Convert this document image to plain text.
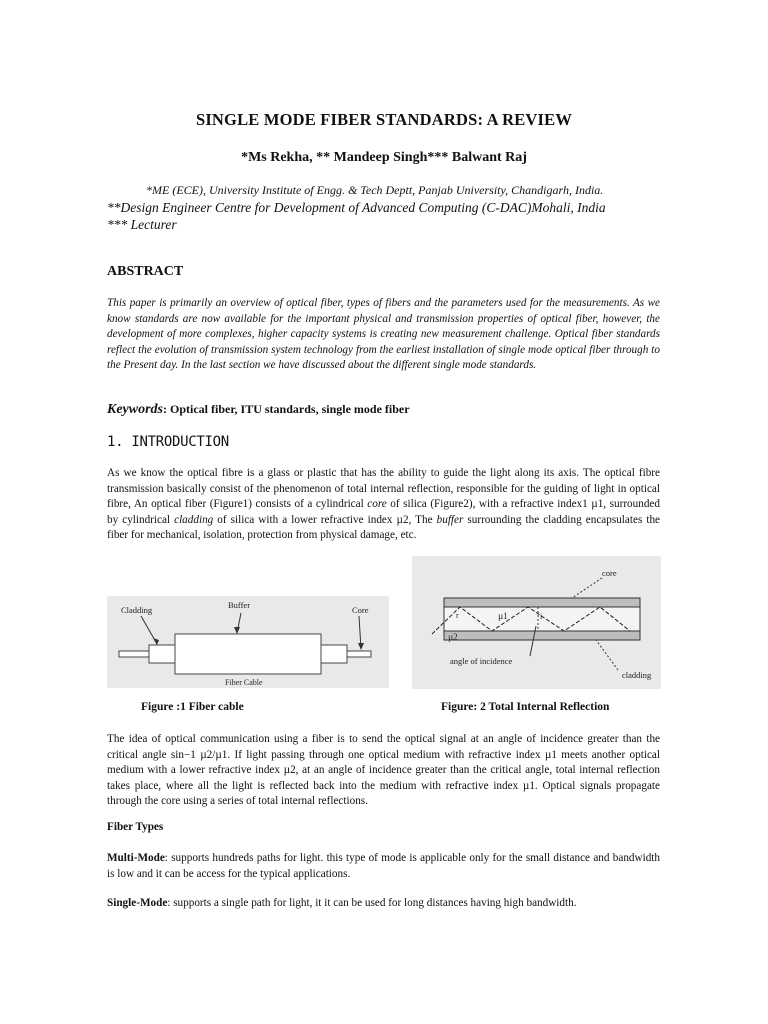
SINGLE MODE FIBER STANDARDS: A REVIEW
*Ms Rekha, ** Mandeep Singh*** Balwant Raj
*ME (ECE), University Institute of Engg. & Tech Deptt, Panjab University, Chandigarh, India.
**Design Engineer Centre for Development of Advanced Computing (C-DAC)Mohali, India
*** Lecturer
ABSTRACT
This paper is primarily an overview of optical fiber, types of fibers and the parameters used for the measurements. As we know standards are now available for the important physical and transmission properties of optical fiber, however, the development of more complexes, higher capacity systems is creating new measurement challenge. Optical fiber standards reflect the evolution of transmission system technology from the earliest installation of single mode optical fiber through to the Present day. In the last section we have discussed about the different single mode standards.
Keywords: Optical fiber, ITU standards, single mode fiber
1. INTRODUCTION
As we know the optical fibre is a glass or plastic that has the ability to guide the light along its axis. The optical fibre transmission basically consist of the phenomenon of total internal reflection, responsible for the guiding of light in optical fibre, An optical fiber (Figure1) consists of a cylindrical core of silica (Figure2), with a refractive index1 µ1, surrounded by cylindrical cladding of silica with a lower refractive index µ2, The buffer surrounding the cladding encapsulates the fiber for mechanical, isolation, protection from physical damage, etc.
Cladding	Buffer	Core
Fiber Cable
core
µ1
µ2
r	i
angle of incidence
cladding
Figure :1 Fiber cable	Figure: 2 Total Internal Reflection
The idea of optical communication using a fiber is to send the optical signal at an angle of incidence greater than the critical angle sin−1 µ2/µ1. If light passing through one optical medium with refractive index µ1 meets another optical medium with a lower refractive index µ2, at an angle of incidence greater than the critical angle, total internal reflection takes place, where all the light is reflected back into the medium with refractive index µ1. Optical signals propagate through the core using a series of total internal reflections.
Fiber Types
Multi-Mode: supports hundreds paths for light. this type of mode is applicable only for the small distance and bandwidth is low and it can be access for the typical applications.
Single-Mode: supports a single path for light, it it can be used for long distances having high bandwidth.
